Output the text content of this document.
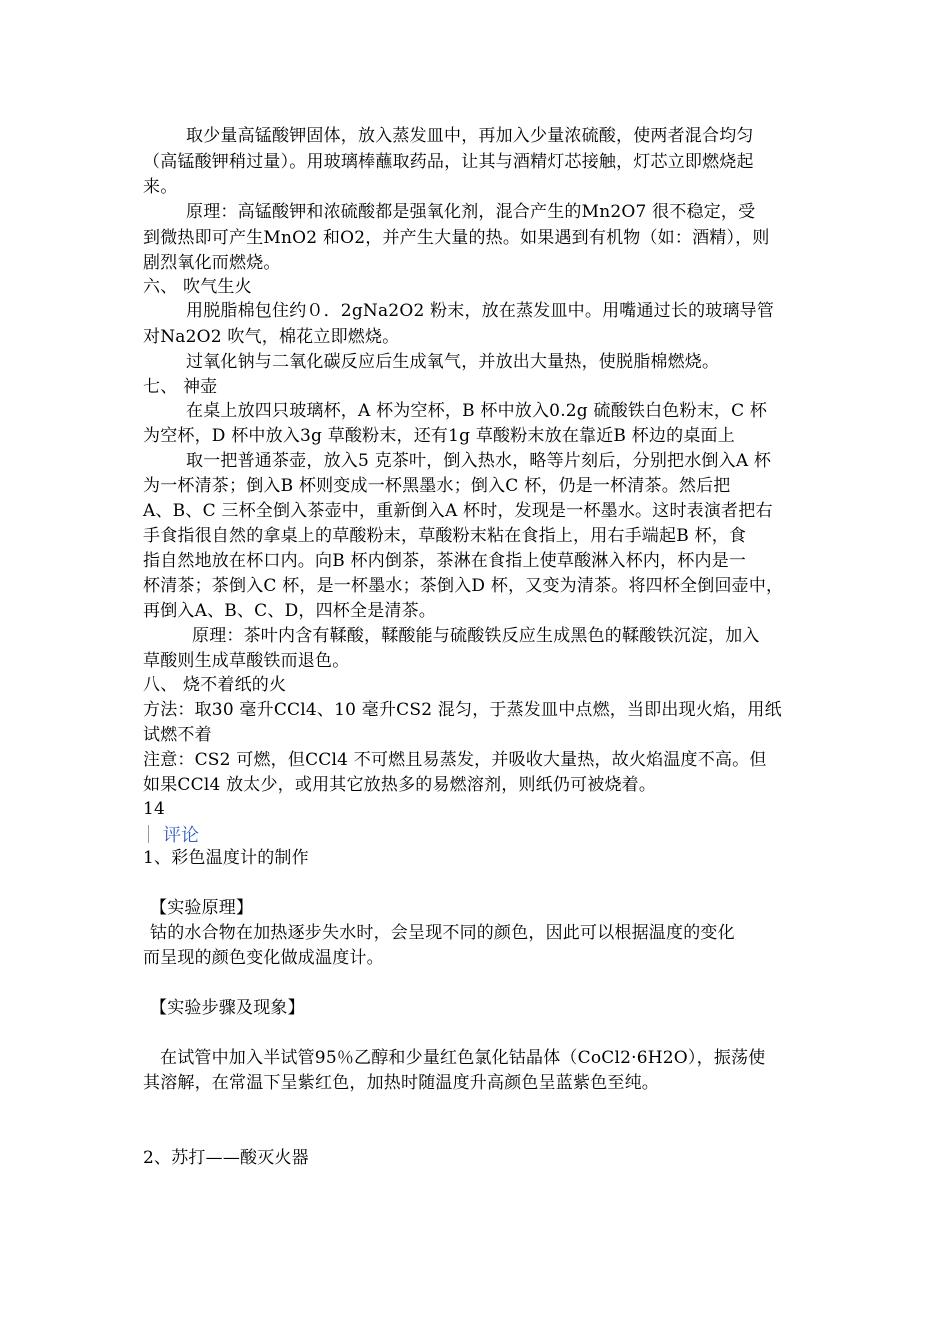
取少量高锰酸钾固体，放入蒸发皿中，再加入少量浓硫酸，使两者混合均匀
（高锰酸钾稍过量）。用玻璃棒蘸取药品，让其与酒精灯芯接触，灯芯立即燃烧起
来。
原理：高锰酸钾和浓硫酸都是强氧化剂，混合产生的Mn2O7 很不稳定，受
到微热即可产生MnO2 和O2，并产生大量的热。如果遇到有机物（如：酒精），则
剧烈氧化而燃烧。
六、 吹气生火
用脱脂棉包住约０．2gNa2O2 粉末，放在蒸发皿中。用嘴通过长的玻璃导管
对Na2O2 吹气，棉花立即燃烧。
过氧化钠与二氧化碳反应后生成氧气，并放出大量热，使脱脂棉燃烧。
七、 神壶
在桌上放四只玻璃杯，A 杯为空杯，B 杯中放入0.2g 硫酸铁白色粉末，C 杯
为空杯，D 杯中放入3g 草酸粉末，还有1g 草酸粉末放在靠近B 杯边的桌面上
取一把普通茶壶，放入5 克茶叶，倒入热水，略等片刻后，分别把水倒入A 杯
为一杯清茶；倒入B 杯则变成一杯黑墨水；倒入C 杯，仍是一杯清茶。然后把
A、B、C 三杯全倒入茶壶中，重新倒入A 杯时，发现是一杯墨水。这时表演者把右
手食指很自然的拿桌上的草酸粉末，草酸粉末粘在食指上，用右手端起B 杯，食
指自然地放在杯口内。向B 杯内倒茶，茶淋在食指上使草酸淋入杯内，杯内是一
杯清茶；茶倒入C 杯，是一杯墨水；茶倒入D 杯，又变为清茶。将四杯全倒回壶中，
再倒入A、B、C、D，四杯全是清茶。
原理：茶叶内含有鞣酸，鞣酸能与硫酸铁反应生成黑色的鞣酸铁沉淀，加入
草酸则生成草酸铁而退色。
八、 烧不着纸的火
方法：取30 毫升CCl4、10 毫升CS2 混匀，于蒸发皿中点燃，当即出现火焰，用纸
试燃不着
注意：CS2 可燃，但CCl4 不可燃且易蒸发，并吸收大量热，故火焰温度不高。但
如果CCl4 放太少，或用其它放热多的易燃溶剂，则纸仍可被烧着。
14
评论
1、彩色温度计的制作
【实验原理】
钴的水合物在加热逐步失水时，会呈现不同的颜色，因此可以根据温度的变化
而呈现的颜色变化做成温度计。
【实验步骤及现象】
在试管中加入半试管95％乙醇和少量红色氯化钴晶体（CoCl2·6H2O），振荡使
其溶解，在常温下呈紫红色，加热时随温度升高颜色呈蓝紫色至纯。
2、苏打——酸灭火器
